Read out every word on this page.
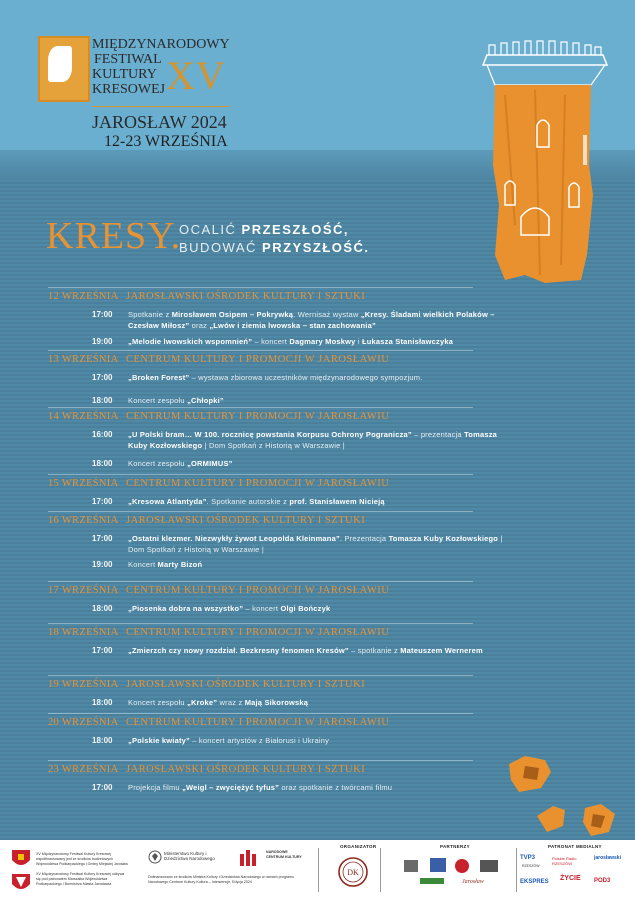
MIĘDZYNARODOWY
FESTIWAL
KULTURY
KRESOWEJ XV
JAROSŁAW 2024
12-23 WRZEŚNIA
KRESY.
OCALIĆ PRZESZŁOŚĆ,
BUDOWAĆ PRZYSZŁOŚĆ.
12 WRZEŚNIA JAROSŁAWSKI OŚRODEK KULTURY I SZTUKI
17:00 Spotkanie z Mirosławem Osipem – Pokrywką. Wernisaż wystaw „Kresy. Śladami wielkich Polaków – Czesław Miłosz” oraz „Lwów i ziemia lwowska – stan zachowania”
19:00 „Melodie lwowskich wspomnień” – koncert Dagmary Moskwy i Łukasza Stanisławczyka
13 WRZEŚNIA CENTRUM KULTURY I PROMOCJI W JAROSŁAWIU
17:00 „Broken Forest” – wystawa zbiorowa uczestników międzynarodowego sympozjum.
18:00 Koncert zespołu „Chłopki”
14 WRZEŚNIA CENTRUM KULTURY I PROMOCJI W JAROSŁAWIU
16:00 „U Polski bram… W 100. rocznicę powstania Korpusu Ochrony Pogranicza” – prezentacja Tomasza Kuby Kozłowskiego | Dom Spotkań z Historią w Warszawie |
18:00 Koncert zespołu „ORMIMUS”
15 WRZEŚNIA CENTRUM KULTURY I PROMOCJI W JAROSŁAWIU
17:00 „Kresowa Atlantyda”. Spotkanie autorskie z prof. Stanisławem Nicieją
16 WRZEŚNIA JAROSŁAWSKI OŚRODEK KULTURY I SZTUKI
17:00 „Ostatni klezmer. Niezwykły żywot Leopolda Kleinmana”. Prezentacja Tomasza Kuby Kozłowskiego | Dom Spotkań z Historią w Warszawie |
19:00 Koncert Marty Bizoń
17 WRZEŚNIA CENTRUM KULTURY I PROMOCJI W JAROSŁAWIU
18:00 „Piosenka dobra na wszystko” – koncert Olgi Bończyk
18 WRZEŚNIA CENTRUM KULTURY I PROMOCJI W JAROSŁAWIU
17:00 „Zmierzch czy nowy rozdział. Bezkresny fenomen Kresów” – spotkanie z Mateuszem Wernerem
19 WRZEŚNIA JAROSŁAWSKI OŚRODEK KULTURY I SZTUKI
18:00 Koncert zespołu „Kroke” wraz z Mają Sikorowską
20 WRZEŚNIA CENTRUM KULTURY I PROMOCJI W JAROSŁAWIU
18:00 „Polskie kwiaty” – koncert artystów z Białorusi i Ukrainy
23 WRZEŚNIA JAROSŁAWSKI OŚRODEK KULTURY I SZTUKI
17:00 Projekcja filmu „Weigl – zwyciężyć tyfus” oraz spotkanie z twórcami filmu
XV Międzynarodowy Festiwal Kultury Kresowej współfinansowany jest ze środków budżetowych Województwa Podkarpackiego i Gminy Miejskiej Jarosław
XV Międzynarodowy Festiwal Kultury Kresowej odbywa się pod patronatem Marszałka Województwa Podkarpackiego i Burmistrza Miasta Jarosławia
Ministerstwo Kultury i Dziedzictwa Narodowego
NARODOWE CENTRUM KULTURY
Dofinansowano ze środków Ministra Kultury i Dziedzictwa Narodowego w ramach programu Narodowego Centrum Kultury Kultura – Interwencje. Edycja 2024
ORGANIZATOR
DK
PARTNERZY
Jarosław
PATRONAT MEDIALNY
TVP3
RZESZÓW
Polskie Radio RZESZÓW
jarosławski
EKSPRES ŻYCIE POD3
